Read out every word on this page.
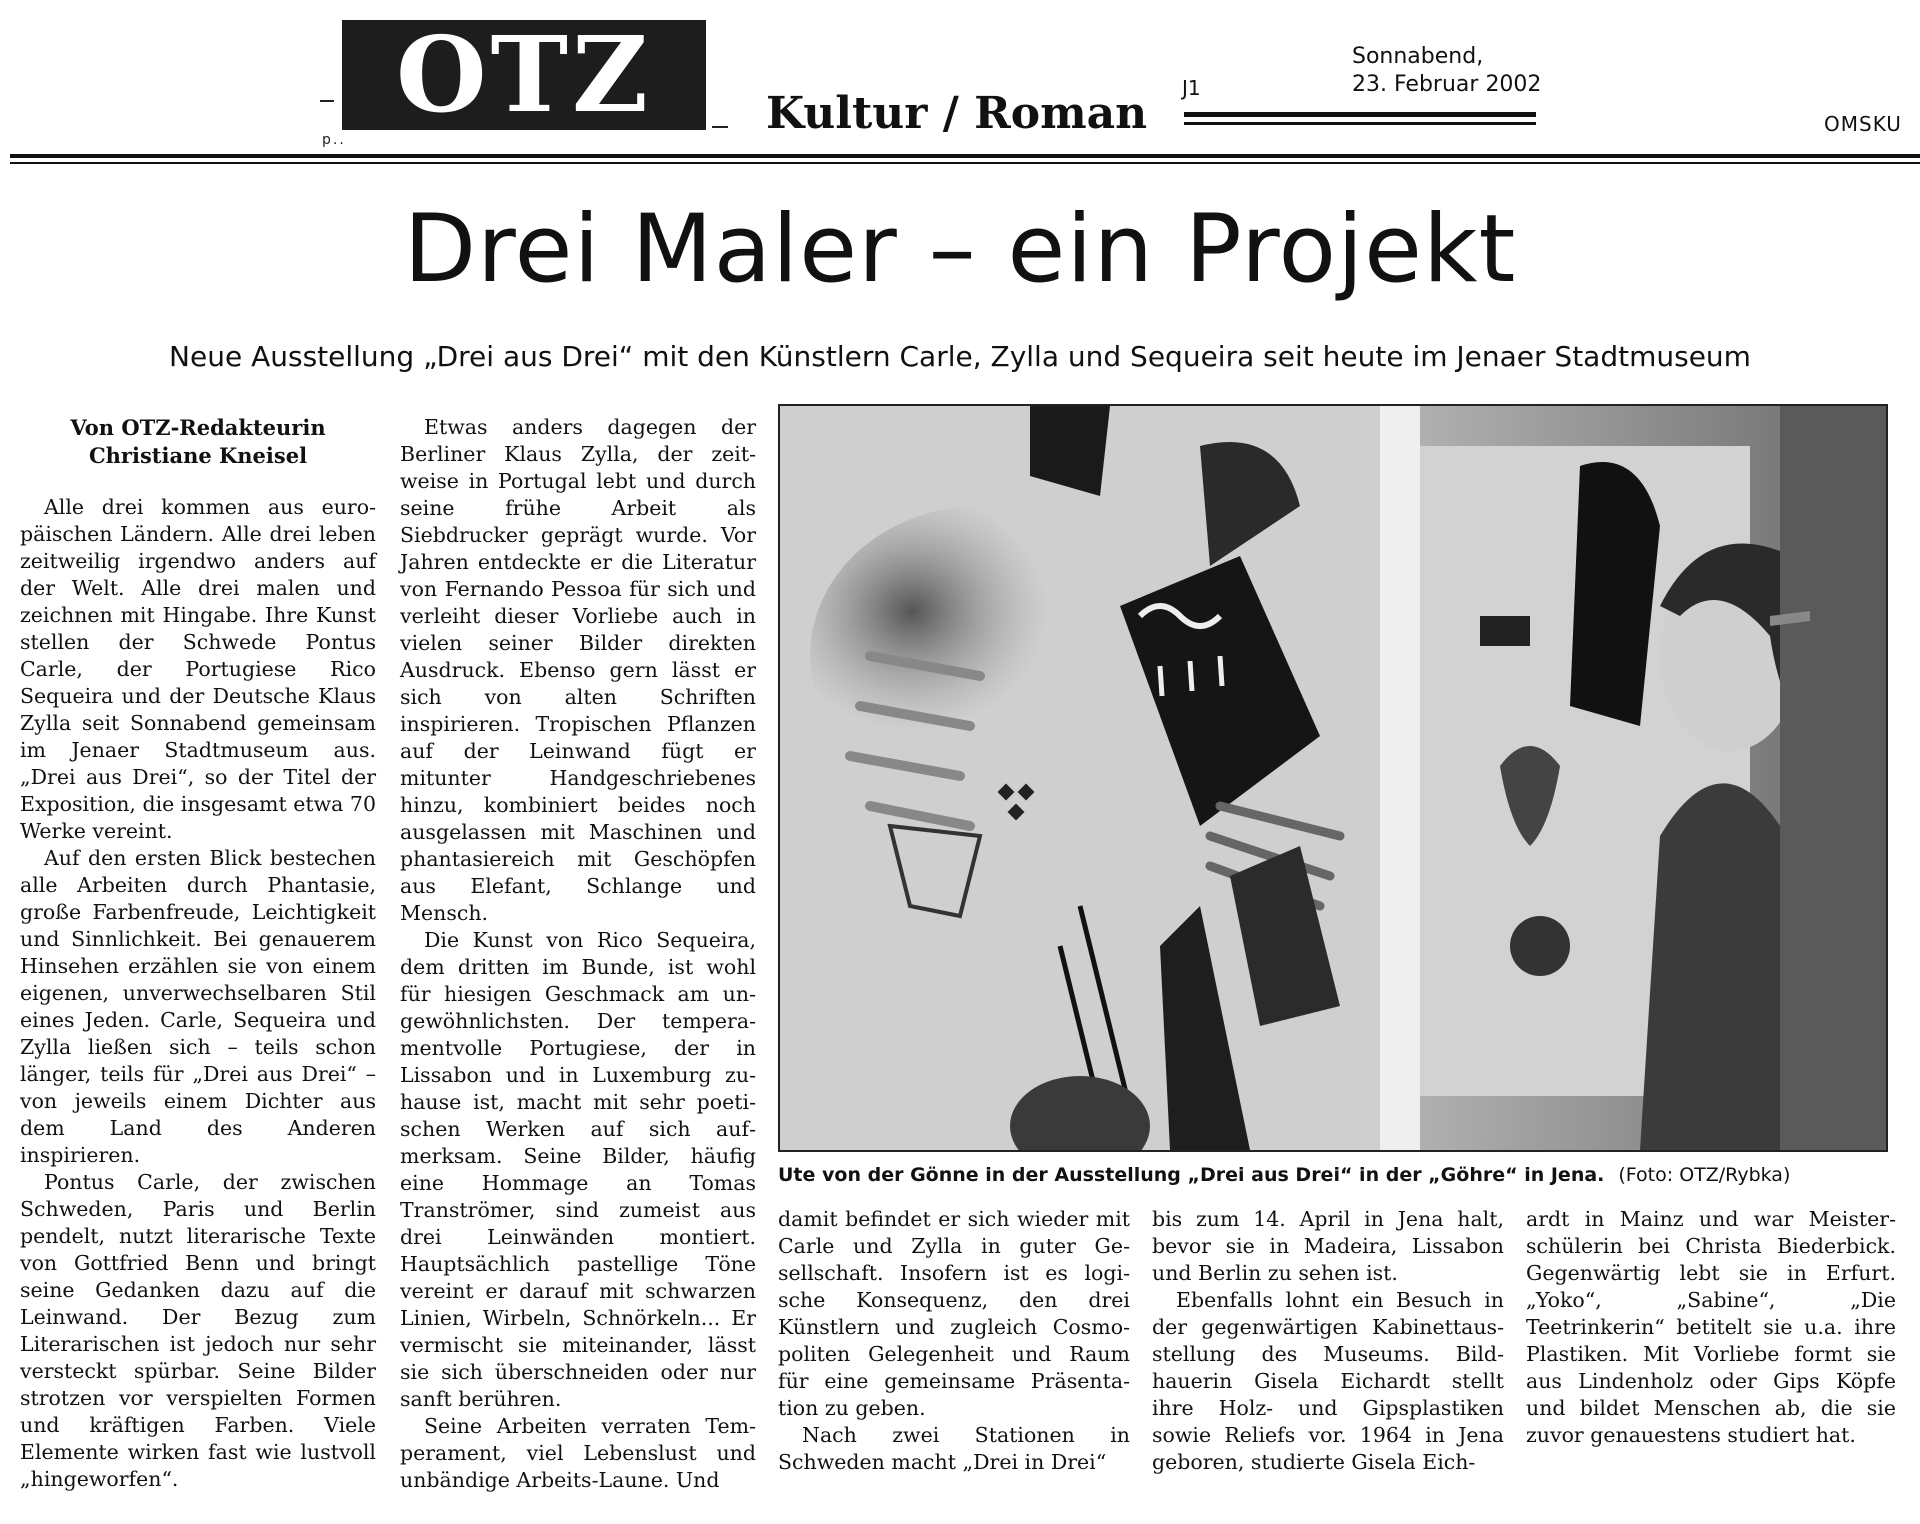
OTZ
p..
Kultur / Roman J1
Sonnabend,
23. Februar 2002
OMSKU
Drei Maler – ein Projekt
Neue Ausstellung „Drei aus Drei“ mit den Künstlern Carle, Zylla und Sequeira seit heute im Jenaer Stadtmuseum
Von OTZ-Redakteurin
Christiane Kneisel

Alle drei kommen aus europäischen Ländern. Alle drei leben zeitweilig irgendwo anders auf der Welt. Alle drei malen und zeichnen mit Hingabe. Ihre Kunst stellen der Schwede Pontus Carle, der Portugiese Rico Sequeira und der Deutsche Klaus Zylla seit Sonnabend gemeinsam im Jenaer Stadtmuseum aus. „Drei aus Drei“, so der Titel der Exposition, die insgesamt etwa 70 Werke vereint.

Auf den ersten Blick bestechen alle Arbeiten durch Phantasie, große Farbenfreude, Leichtigkeit und Sinnlichkeit. Bei genauerem Hinsehen erzählen sie von einem eigenen, unverwechselbaren Stil eines Jeden. Carle, Sequeira und Zylla ließen sich – teils schon länger, teils für „Drei aus Drei“ – von jeweils einem Dichter aus dem Land des Anderen inspirieren.

Pontus Carle, der zwischen Schweden, Paris und Berlin pendelt, nutzt literarische Texte von Gottfried Benn und bringt seine Gedanken dazu auf die Leinwand. Der Bezug zum Literarischen ist jedoch nur sehr versteckt spürbar. Seine Bilder strotzen vor verspielten Formen und kräftigen Farben. Viele Elemente wirken fast wie lustvoll „hingeworfen“.

Etwas anders dagegen der Berliner Klaus Zylla, der zeitweise in Portugal lebt und durch seine frühe Arbeit als Siebdrucker geprägt wurde. Vor Jahren entdeckte er die Literatur von Fernando Pessoa für sich und verleiht dieser Vorliebe auch in vielen seiner Bilder direkten Ausdruck. Ebenso gern lässt er sich von alten Schriften inspirieren. Tropischen Pflanzen auf der Leinwand fügt er mitunter Handgeschriebenes hinzu, kombiniert beides noch ausgelassen mit Maschinen und phantasiereich mit Geschöpfen aus Elefant, Schlange und Mensch.

Die Kunst von Rico Sequeira, dem dritten im Bunde, ist wohl für hiesigen Geschmack am ungewöhnlichsten. Der temperamentvolle Portugiese, der in Lissabon und in Luxemburg zuhause ist, macht mit sehr poetischen Werken auf sich aufmerksam. Seine Bilder, häufig eine Hommage an Tomas Tranströmer, sind zumeist aus drei Leinwänden montiert. Hauptsächlich pastellige Töne vereint er darauf mit schwarzen Linien, Wirbeln, Schnörkeln... Er vermischt sie miteinander, lässt sie sich überschneiden oder nur sanft berühren.

Seine Arbeiten verraten Temperament, viel Lebenslust und unbändige Arbeits-Laune. Und

Ute von der Gönne in der Ausstellung „Drei aus Drei“ in der „Göhre“ in Jena. (Foto: OTZ/Rybka)

damit befindet er sich wieder mit Carle und Zylla in guter Gesellschaft. Insofern ist es logische Konsequenz, den drei Künstlern und zugleich Cosmopoliten Gelegenheit und Raum für eine gemeinsame Präsentation zu geben.

Nach zwei Stationen in Schweden macht „Drei in Drei“

bis zum 14. April in Jena halt, bevor sie in Madeira, Lissabon und Berlin zu sehen ist.

Ebenfalls lohnt ein Besuch in der gegenwärtigen Kabinettausstellung des Museums. Bildhauerin Gisela Eichardt stellt ihre Holz- und Gipsplastiken sowie Reliefs vor. 1964 in Jena geboren, studierte Gisela Eich-

ardt in Mainz und war Meisterschülerin bei Christa Biederbick. Gegenwärtig lebt sie in Erfurt. „Yoko“, „Sabine“, „Die Teetrinkerin“ betitelt sie u.a. ihre Plastiken. Mit Vorliebe formt sie aus Lindenholz oder Gips Köpfe und bildet Menschen ab, die sie zuvor genauestens studiert hat.
